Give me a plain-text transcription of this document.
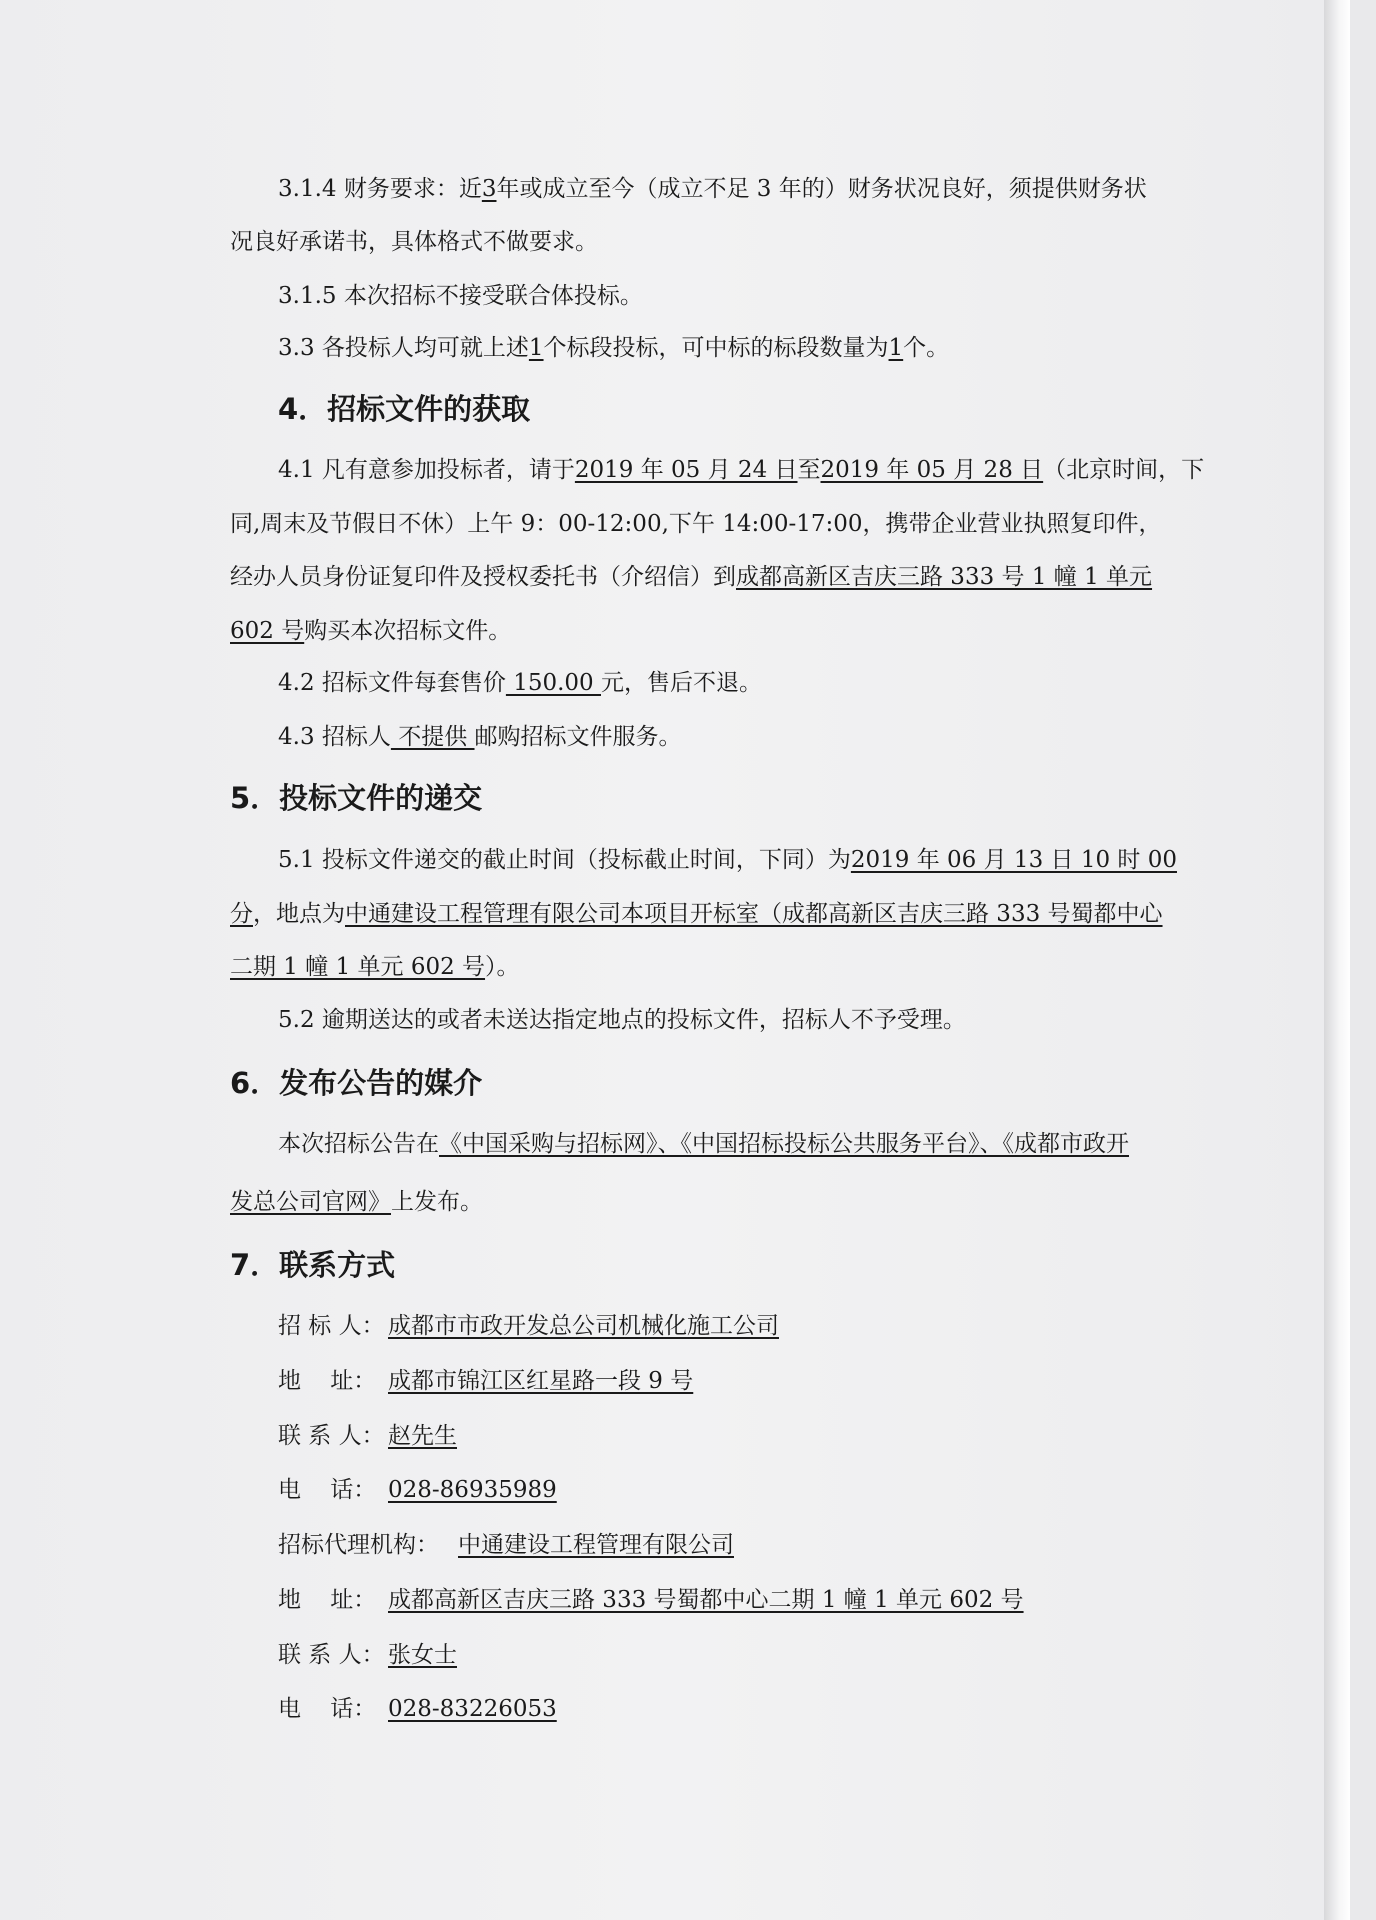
3.1.4 财务要求：近3年或成立至今（成立不足 3 年的）财务状况良好，须提供财务状
况良好承诺书，具体格式不做要求。
3.1.5 本次招标不接受联合体投标。
3.3 各投标人均可就上述1个标段投标，可中标的标段数量为1个。
4．招标文件的获取
4.1 凡有意参加投标者，请于2019 年 05 月 24 日至2019 年 05 月 28 日（北京时间，下
同,周末及节假日不休）上午 9：00-12:00,下午 14:00-17:00，携带企业营业执照复印件，
经办人员身份证复印件及授权委托书（介绍信）到成都高新区吉庆三路 333 号 1 幢 1 单元
602 号购买本次招标文件。
4.2 招标文件每套售价 150.00 元，售后不退。
4.3 招标人 不提供 邮购招标文件服务。
5．投标文件的递交
5.1 投标文件递交的截止时间（投标截止时间，下同）为2019 年 06 月 13 日 10 时 00
分，地点为中通建设工程管理有限公司本项目开标室（成都高新区吉庆三路 333 号蜀都中心
二期 1 幢 1 单元 602 号）。
5.2 逾期送达的或者未送达指定地点的投标文件，招标人不予受理。
6．发布公告的媒介
本次招标公告在《中国采购与招标网》、《中国招标投标公共服务平台》、《成都市政开
发总公司官网》上发布。
7．联系方式
招 标 人： 成都市市政开发总公司机械化施工公司
地    址： 成都市锦江区红星路一段 9 号
联 系 人： 赵先生
电    话： 028-86935989
招标代理机构： 中通建设工程管理有限公司
地    址： 成都高新区吉庆三路 333 号蜀都中心二期 1 幢 1 单元 602 号
联 系 人： 张女士
电    话： 028-83226053
